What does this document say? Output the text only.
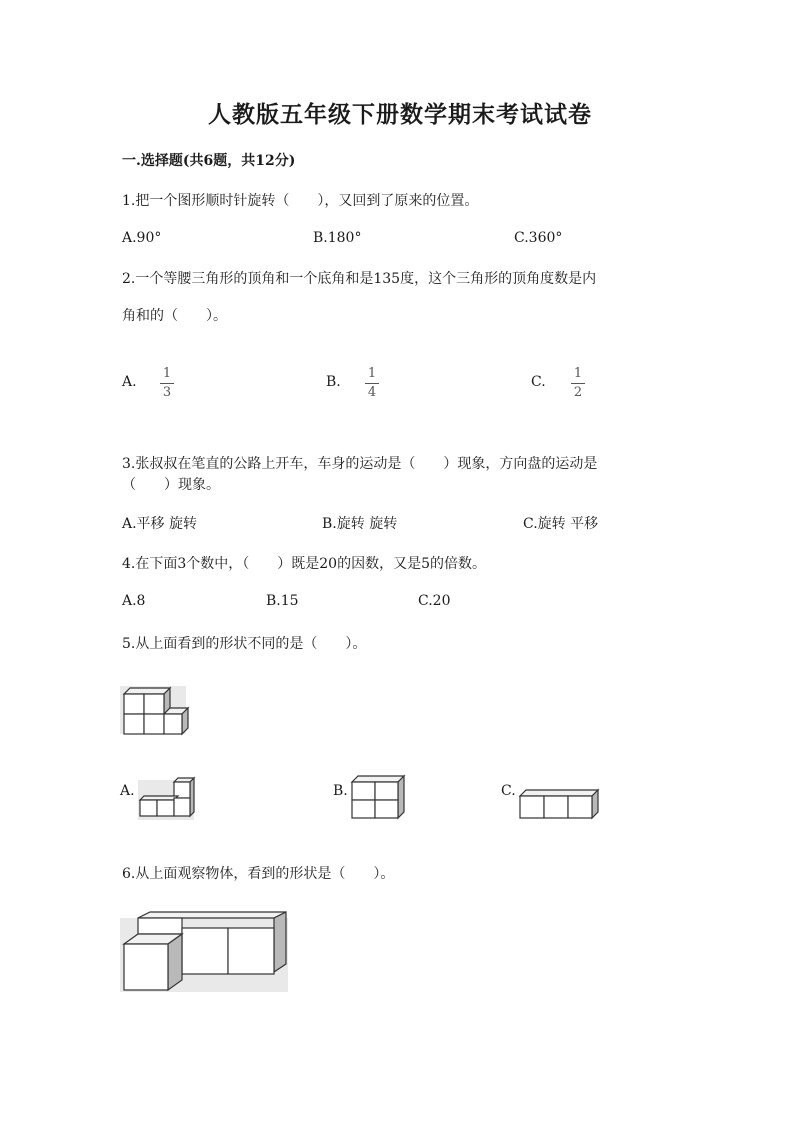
人教版五年级下册数学期末考试试卷
一.选择题(共6题，共12分)
1.把一个图形顺时针旋转（　　），又回到了原来的位置。
A.90°	B.180°	C.360°
2.一个等腰三角形的顶角和一个底角和是135度，这个三角形的顶角度数是内
角和的（　　）。
A.
1
3
B.
1
4
C.
1
2
3.张叔叔在笔直的公路上开车，车身的运动是（　　）现象，方向盘的运动是
（　　）现象。
A.平移 旋转	B.旋转 旋转	C.旋转 平移
4.在下面3个数中，（　　）既是20的因数，又是5的倍数。
A.8	B.15	C.20
5.从上面看到的形状不同的是（　　）。
A.	B.	C.
6.从上面观察物体，看到的形状是（　　）。
